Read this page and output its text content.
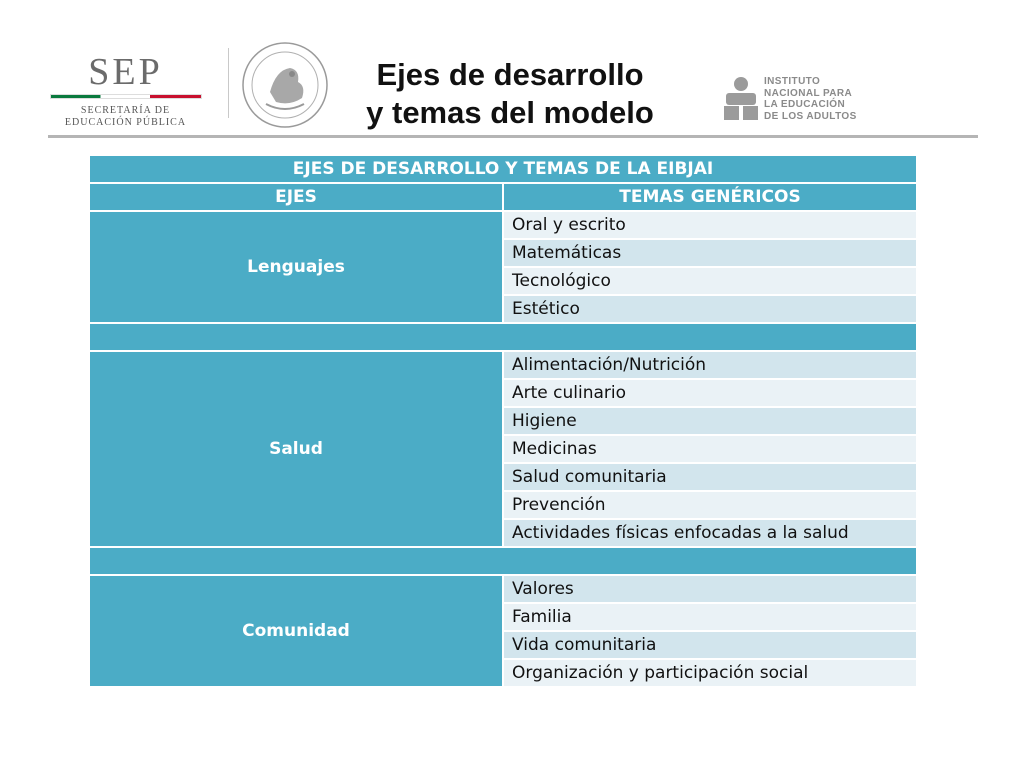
SEP
SECRETARÍA DE
EDUCACIÓN PÚBLICA
Ejes de desarrollo
y temas del modelo
INSTITUTO
NACIONAL PARA
LA EDUCACIÓN
DE LOS ADULTOS
EJES DE DESARROLLO Y TEMAS DE LA EIBJAI	
EJES	TEMAS GENÉRICOS
Lenguajes	Oral y escrito
	Matemáticas
	Tecnológico
	Estético

Salud	Alimentación/Nutrición
	Arte culinario
	Higiene
	Medicinas
	Salud comunitaria
	Prevención
	Actividades físicas enfocadas a la salud

Comunidad	Valores
	Familia
	Vida comunitaria
	Organización y participación social
